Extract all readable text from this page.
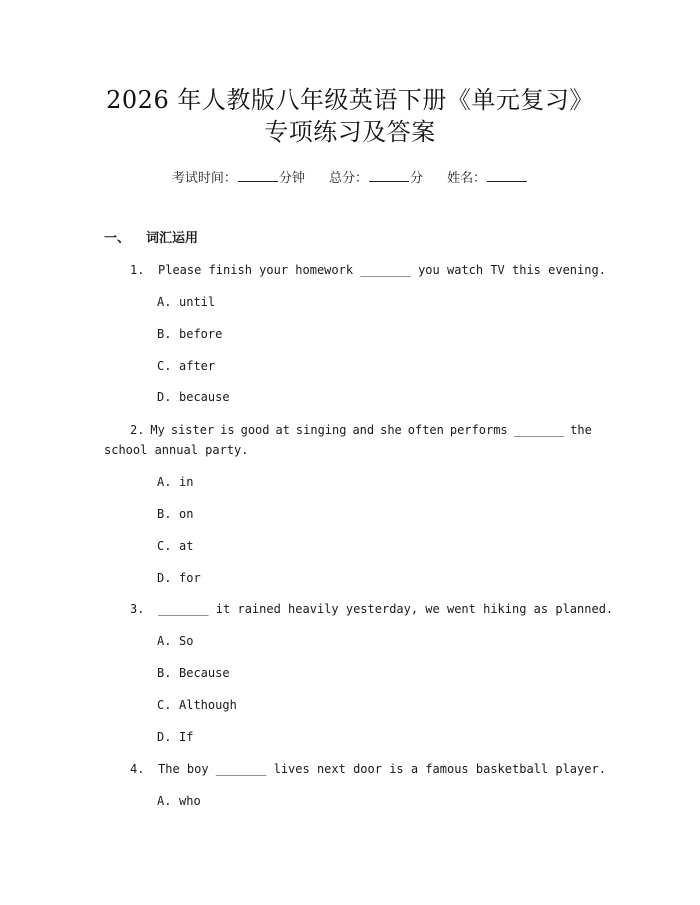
2026 年人教版八年级英语下册《单元复习》
专项练习及答案
考试时间：	分钟 总分：	分 姓名：
一、 词汇运用
1. Please finish your homework _______ you watch TV this evening.
A. until
B. before
C. after
D. because
2. My sister is good at singing and she often performs _______ the
school annual party.
A. in
B. on
C. at
D. for
3. _______ it rained heavily yesterday, we went hiking as planned.
A. So
B. Because
C. Although
D. If
4. The boy _______ lives next door is a famous basketball player.
A. who
